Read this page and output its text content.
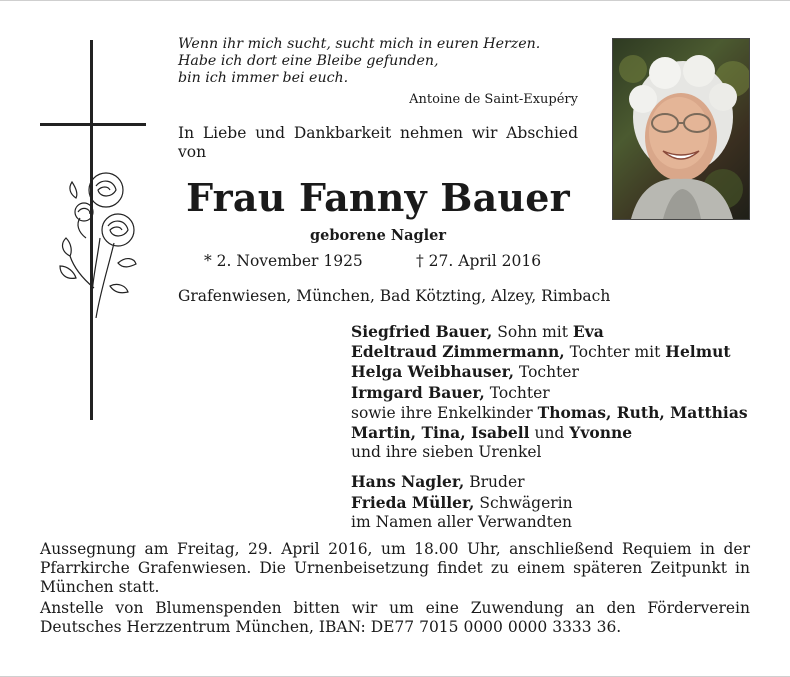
Wenn ihr mich sucht, sucht mich in euren Herzen.
Habe ich dort eine Bleibe gefunden,
bin ich immer bei euch.
Antoine de Saint-Exupéry
In Liebe und Dankbarkeit nehmen wir Abschied von
Frau Fanny Bauer
geborene Nagler
* 2. November 1925	† 27. April 2016
Grafenwiesen, München, Bad Kötzting, Alzey, Rimbach
Siegfried Bauer, Sohn mit Eva
Edeltraud Zimmermann, Tochter mit Helmut
Helga Weibhauser, Tochter
Irmgard Bauer, Tochter
sowie ihre Enkelkinder Thomas, Ruth, Matthias
Martin, Tina, Isabell und Yvonne
und ihre sieben Urenkel
Hans Nagler, Bruder
Frieda Müller, Schwägerin
im Namen aller Verwandten

Aussegnung am Freitag, 29. April 2016, um 18.00 Uhr, anschließend Requiem in der Pfarrkirche Grafenwiesen. Die Urnenbeisetzung findet zu einem späteren Zeitpunkt in München statt.

Anstelle von Blumenspenden bitten wir um eine Zuwendung an den Förderverein Deutsches Herzzentrum München, IBAN: DE77 7015 0000 0000 3333 36.
